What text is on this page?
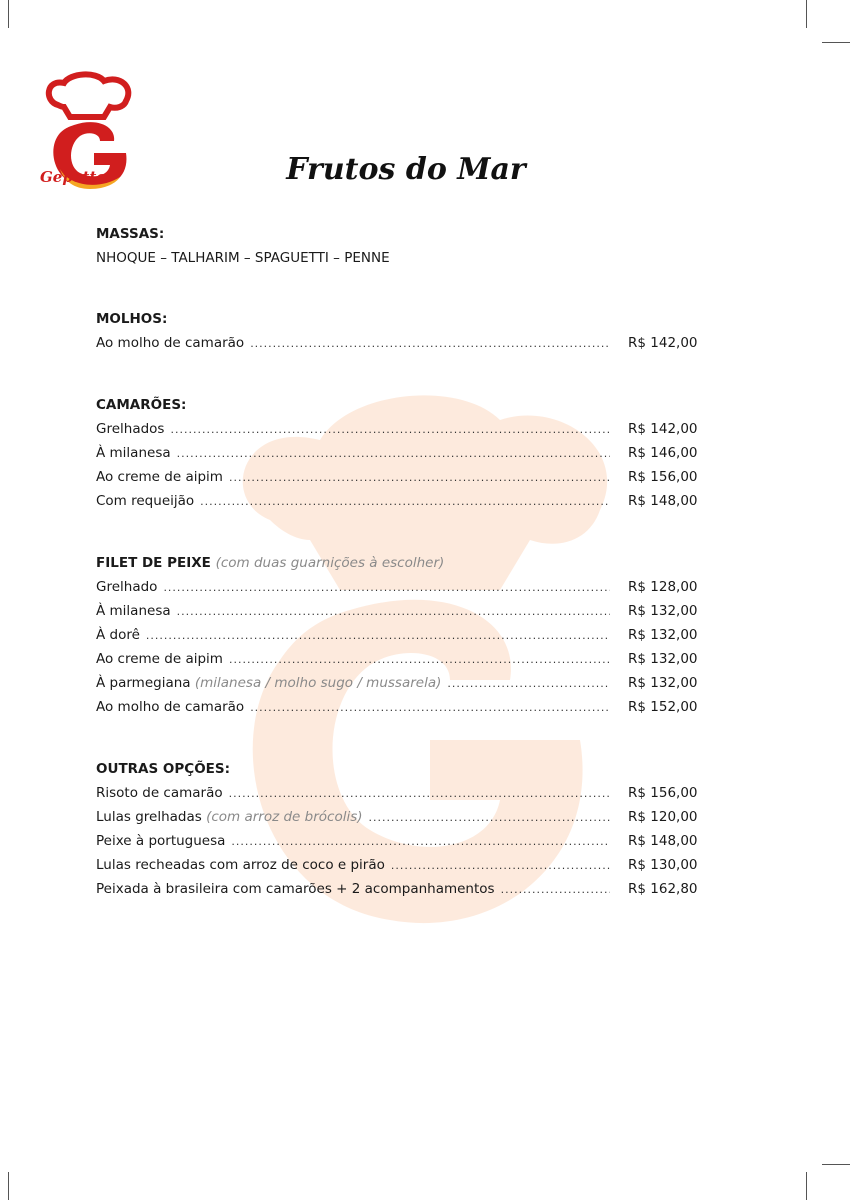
Gepetto	Frutos do Mar
MASSAS:
NHOQUE – TALHARIM – SPAGUETTI – PENNE
MOLHOS:
Ao molho de camarão .....	R$ 142,00
CAMARÕES:
Grelhados .....	R$ 142,00
À milanesa .....	R$ 146,00
Ao creme de aipim .....	R$ 156,00
Com requeijão .....	R$ 148,00
FILET DE PEIXE (com duas guarnições à escolher)
Grelhado .....	R$ 128,00
À milanesa .....	R$ 132,00
À dorê .....	R$ 132,00
Ao creme de aipim .....	R$ 132,00
À parmegiana (milanesa / molho sugo / mussarela) .....	R$ 132,00
Ao molho de camarão .....	R$ 152,00
OUTRAS OPÇÕES:
Risoto de camarão .....	R$ 156,00
Lulas grelhadas (com arroz de brócolis) .....	R$ 120,00
Peixe à portuguesa .....	R$ 148,00
Lulas recheadas com arroz de coco e pirão .....	R$ 130,00
Peixada à brasileira com camarões + 2 acompanhamentos .....	R$ 162,80
